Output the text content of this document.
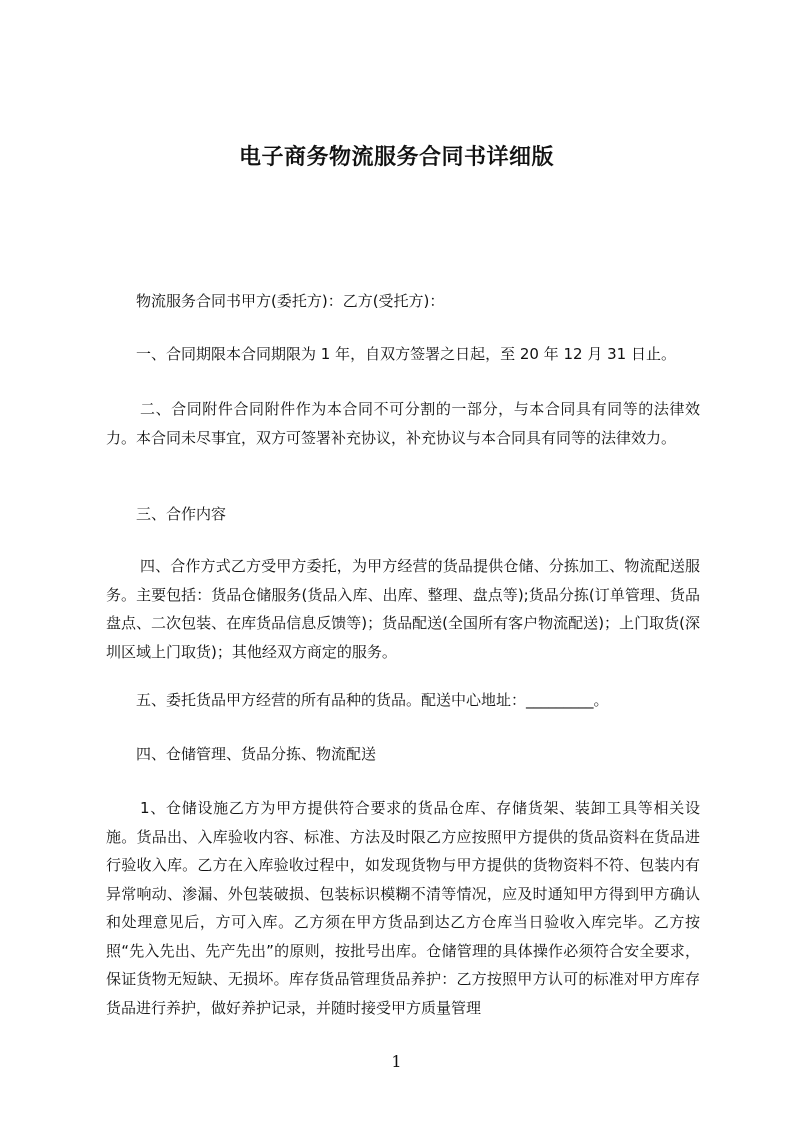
电子商务物流服务合同书详细版

物流服务合同书甲方(委托方)：乙方(受托方)：

一、合同期限本合同期限为 1 年，自双方签署之日起，至 20 年 12 月 31 日止。

二、合同附件合同附件作为本合同不可分割的一部分，与本合同具有同等的法律效力。本合同未尽事宜，双方可签署补充协议，补充协议与本合同具有同等的法律效力。

三、合作内容

四、合作方式乙方受甲方委托，为甲方经营的货品提供仓储、分拣加工、物流配送服务。主要包括：货品仓储服务(货品入库、出库、整理、盘点等);货品分拣(订单管理、货品盘点、二次包装、在库货品信息反馈等)；货品配送(全国所有客户物流配送)；上门取货(深圳区域上门取货)；其他经双方商定的服务。

五、委托货品甲方经营的所有品种的货品。配送中心地址：_________。

四、仓储管理、货品分拣、物流配送

1、仓储设施乙方为甲方提供符合要求的货品仓库、存储货架、装卸工具等相关设施。货品出、入库验收内容、标准、方法及时限乙方应按照甲方提供的货品资料在货品进行验收入库。乙方在入库验收过程中，如发现货物与甲方提供的货物资料不符、包装内有异常响动、渗漏、外包装破损、包装标识模糊不清等情况，应及时通知甲方得到甲方确认和处理意见后，方可入库。乙方须在甲方货品到达乙方仓库当日验收入库完毕。乙方按照“先入先出、先产先出”的原则，按批号出库。仓储管理的具体操作必须符合安全要求，保证货物无短缺、无损坏。库存货品管理货品养护：乙方按照甲方认可的标准对甲方库存货品进行养护，做好养护记录，并随时接受甲方质量管理

1
